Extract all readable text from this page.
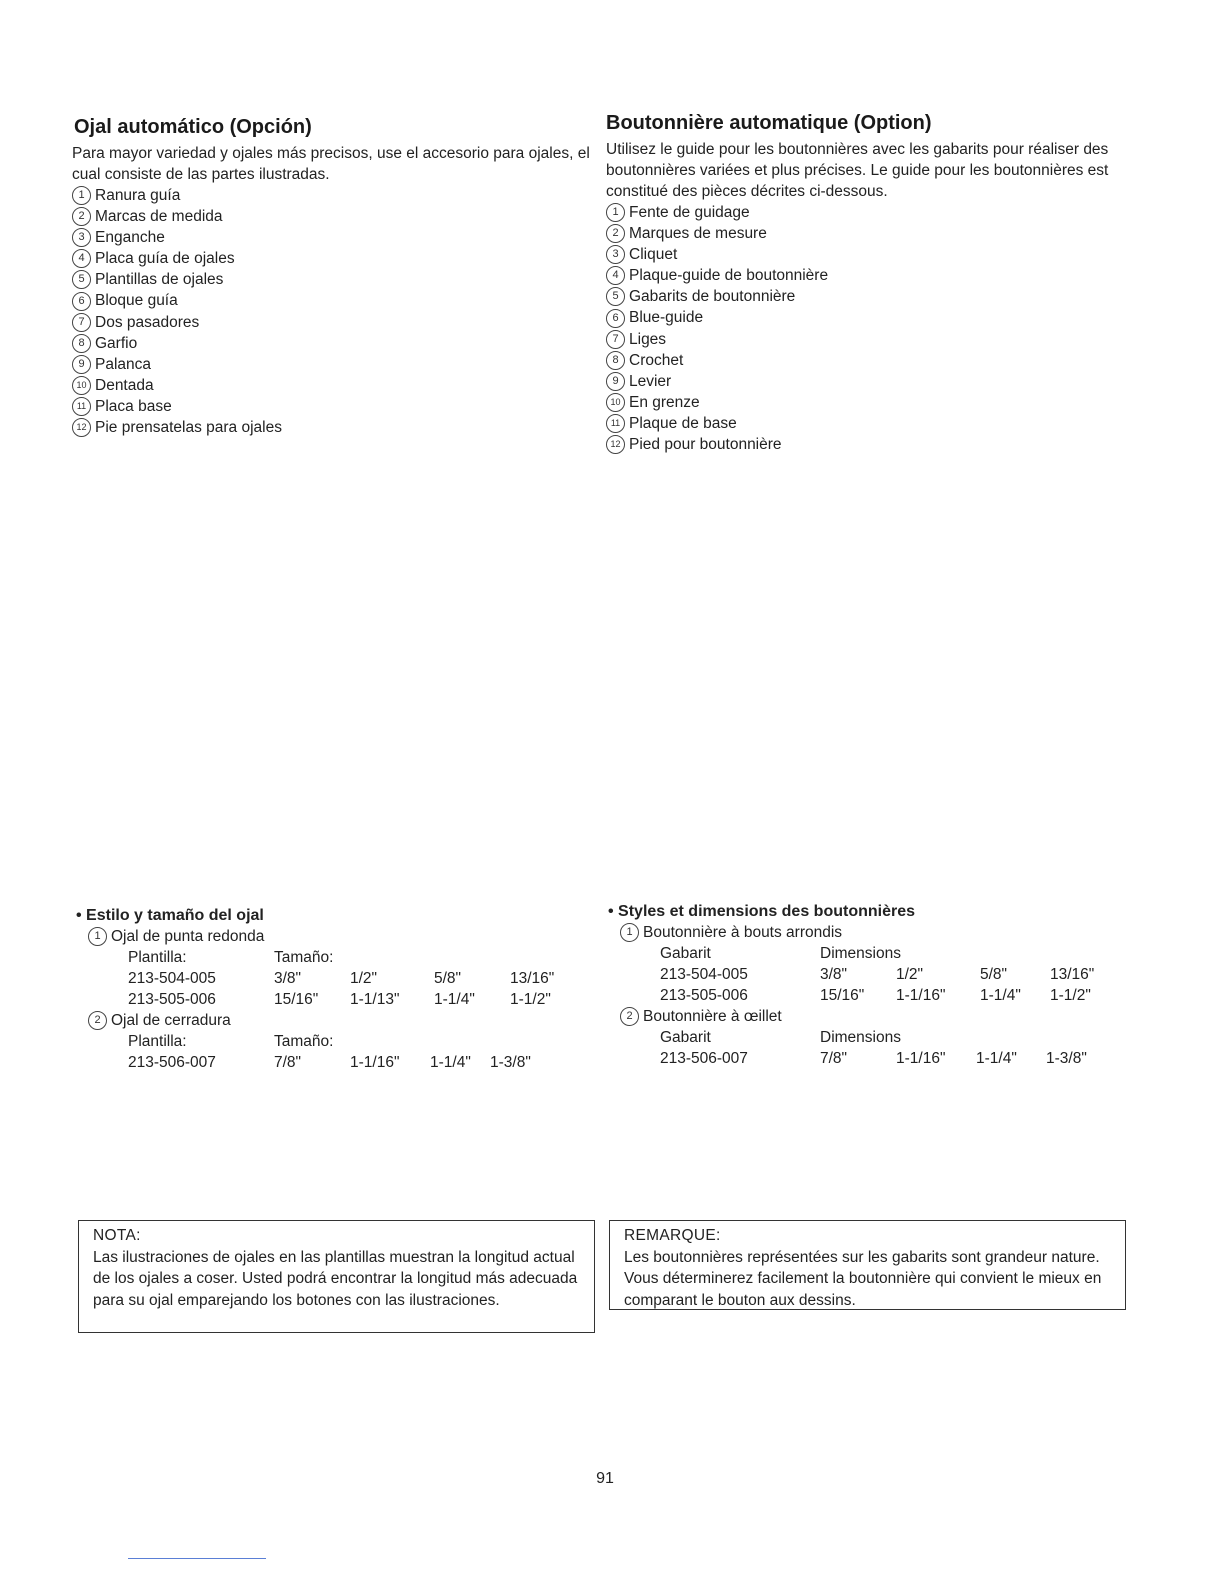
Ojal automático (Opción)

Para mayor variedad y ojales más precisos, use el accesorio para ojales, el cual consiste de las partes ilustradas.

1 Ranura guía
2 Marcas de medida
3 Enganche
4 Placa guía de ojales
5 Plantillas de ojales
6 Bloque guía
7 Dos pasadores
8 Garfio
9 Palanca
10 Dentada
11 Placa base
12 Pie prensatelas para ojales
Boutonnière automatique (Option)

Utilisez le guide pour les boutonnières avec les gabarits pour réaliser des boutonnières variées et plus précises. Le guide pour les boutonnières est constitué des pièces décrites ci-dessous.

1 Fente de guidage
2 Marques de mesure
3 Cliquet
4 Plaque-guide de boutonnière
5 Gabarits de boutonnière
6 Blue-guide
7 Liges
8 Crochet
9 Levier
10 En grenze
11 Plaque de base
12 Pied pour boutonnière
• Estilo y tamaño del ojal
1 Ojal de punta redonda
Plantilla:	Tamaño:			
213-504-005	3/8"	1/2"	5/8"	13/16"
213-505-006	15/16"	1-1/13"	1-1/4"	1-1/2"
2 Ojal de cerradura
Plantilla:	Tamaño:			
213-506-007	7/8"	1-1/16"	1-1/4"	1-3/8"
• Styles et dimensions des boutonnières
1 Boutonnière à bouts arrondis
Gabarit	Dimensions			
213-504-005	3/8"	1/2"	5/8"	13/16"
213-505-006	15/16"	1-1/16"	1-1/4"	1-1/2"
2 Boutonnière à œillet
Gabarit	Dimensions			
213-506-007	7/8"	1-1/16"	1-1/4"	1-3/8"
NOTA:
Las ilustraciones de ojales en las plantillas muestran la longitud actual de los ojales a coser. Usted podrá encontrar la longitud más adecuada para su ojal emparejando los botones con las ilustraciones.
REMARQUE:
Les boutonnières représentées sur les gabarits sont grandeur nature. Vous déterminerez facilement la boutonnière qui convient le mieux en comparant le bouton aux dessins.
91
